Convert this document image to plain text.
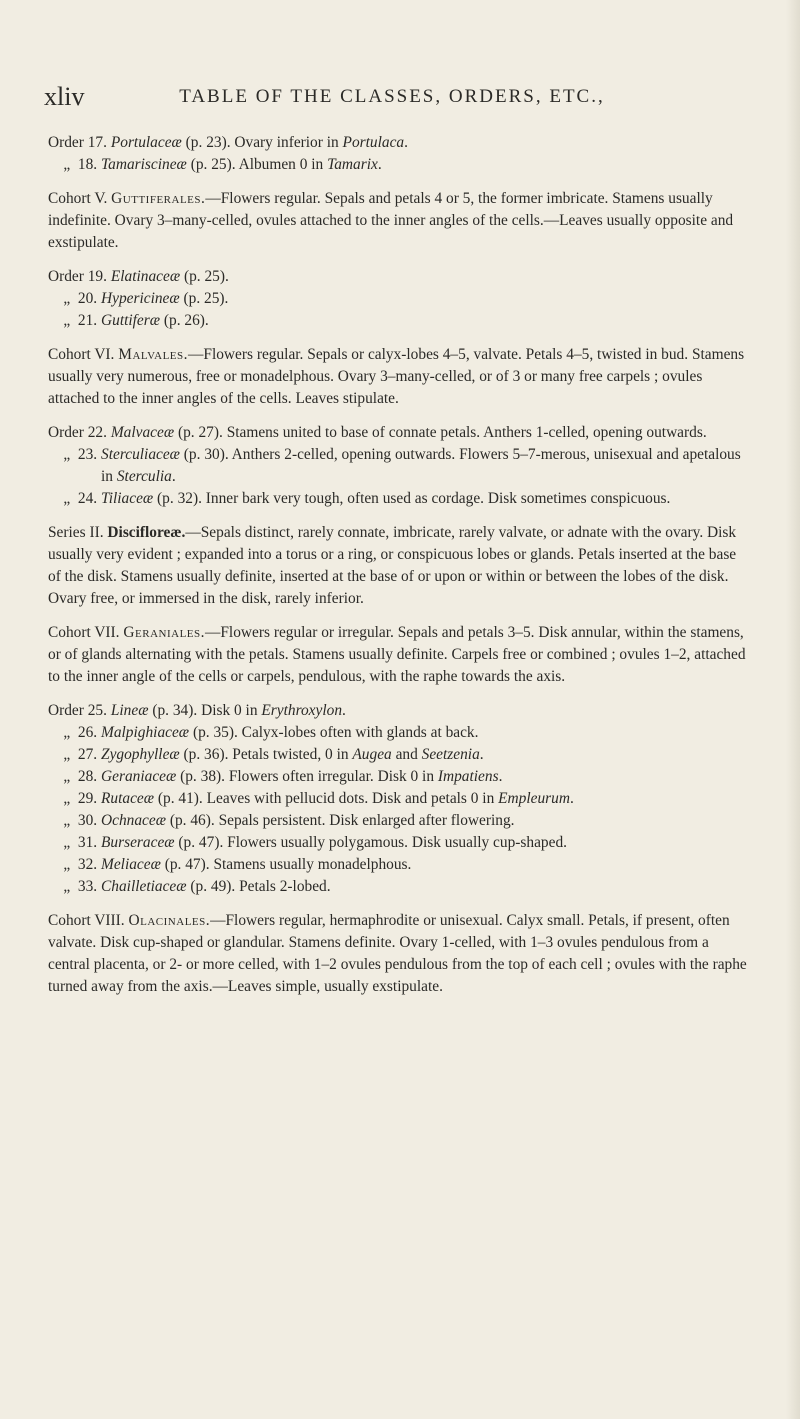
xliv	TABLE OF THE CLASSES, ORDERS, ETC.,
Order 17.
Portulaceæ (p. 23). Ovary inferior in Portulaca.
„  18.
Tamariscineæ (p. 25). Albumen 0 in Tamarix.

Cohort V. Guttiferales.—Flowers regular. Sepals and petals 4 or 5, the former imbricate. Stamens usually indefinite. Ovary 3–many-celled, ovules attached to the inner angles of the cells.—Leaves usually opposite and exstipulate.

Order 19.
Elatinaceæ (p. 25).
„  20.
Hypericineæ (p. 25).
„  21.
Guttiferæ (p. 26).

Cohort VI. Malvales.—Flowers regular. Sepals or calyx-lobes 4–5, valvate. Petals 4–5, twisted in bud. Stamens usually very numerous, free or monadelphous. Ovary 3–many-celled, or of 3 or many free carpels ; ovules attached to the inner angles of the cells. Leaves stipulate.

Order 22.
Malvaceæ (p. 27). Stamens united to base of connate petals. Anthers 1-celled, opening outwards.
„  23.
Sterculiaceæ (p. 30). Anthers 2-celled, opening outwards. Flowers 5–7-merous, unisexual and apetalous in Sterculia.
„  24.
Tiliaceæ (p. 32). Inner bark very tough, often used as cordage. Disk sometimes conspicuous.

Series II. Discifloreæ.—Sepals distinct, rarely connate, imbricate, rarely valvate, or adnate with the ovary. Disk usually very evident ; expanded into a torus or a ring, or conspicuous lobes or glands. Petals inserted at the base of the disk. Stamens usually definite, inserted at the base of or upon or within or between the lobes of the disk. Ovary free, or immersed in the disk, rarely inferior.

Cohort VII. Geraniales.—Flowers regular or irregular. Sepals and petals 3–5. Disk annular, within the stamens, or of glands alternating with the petals. Stamens usually definite. Carpels free or combined ; ovules 1–2, attached to the inner angle of the cells or carpels, pendulous, with the raphe towards the axis.

Order 25.
Lineæ (p. 34). Disk 0 in Erythroxylon.
„  26.
Malpighiaceæ (p. 35). Calyx-lobes often with glands at back.
„  27.
Zygophylleæ (p. 36). Petals twisted, 0 in Augea and Seetzenia.
„  28.
Geraniaceæ (p. 38). Flowers often irregular. Disk 0 in Impatiens.
„  29.
Rutaceæ (p. 41). Leaves with pellucid dots. Disk and petals 0 in Empleurum.
„  30.
Ochnaceæ (p. 46). Sepals persistent. Disk enlarged after flowering.
„  31.
Burseraceæ (p. 47). Flowers usually polygamous. Disk usually cup-shaped.
„  32.
Meliaceæ (p. 47). Stamens usually monadelphous.
„  33.
Chailletiaceæ (p. 49). Petals 2-lobed.

Cohort VIII. Olacinales.—Flowers regular, hermaphrodite or unisexual. Calyx small. Petals, if present, often valvate. Disk cup-shaped or glandular. Stamens definite. Ovary 1-celled, with 1–3 ovules pendulous from a central placenta, or 2- or more celled, with 1–2 ovules pendulous from the top of each cell ; ovules with the raphe turned away from the axis.—Leaves simple, usually exstipulate.
